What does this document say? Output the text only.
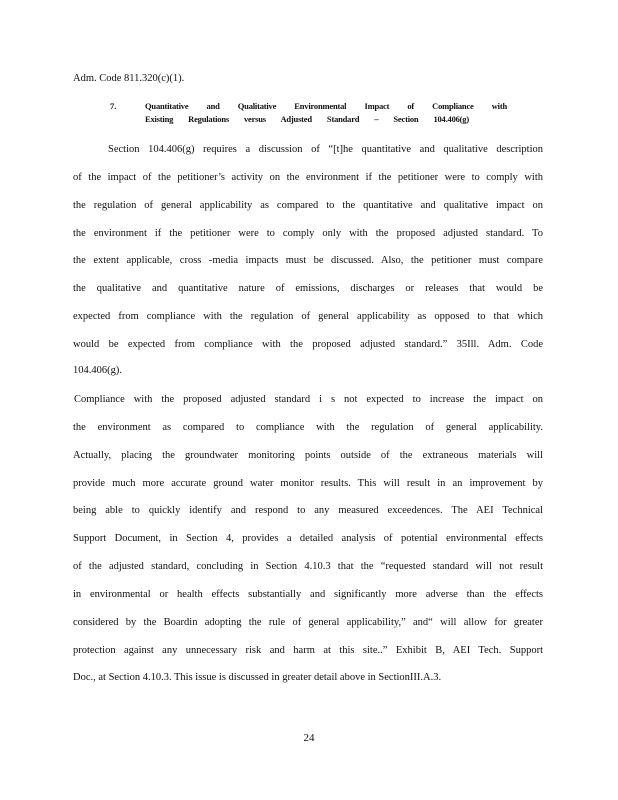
Adm. Code 811.320(c)(1).
7.	Quantitative and Qualitative Environmental Impact of Compliance with
Existing Regulations versus Adjusted Standard – Section 104.406(g)
Section 104.406(g) requires a discussion of “[t]he quantitative and qualitative description
of the impact of the petitioner’s activity on the environment if the petitioner were to comply with
the regulation of general applicability as compared to the quantitative and qualitative impact on
the environment if the petitioner were to comply only with the proposed adjusted standard. To
the extent applicable, cross -media impacts must be discussed. Also, the petitioner must compare
the qualitative and quantitative nature of emissions, discharges or releases that would be
expected from compliance with the regulation of general applicability as opposed to that which
would be expected from compliance with the proposed adjusted standard.” 35Ill. Adm. Code
104.406(g).
Compliance with the proposed adjusted standard i s not expected to increase the impact on
the environment as compared to compliance with the regulation of general applicability.
Actually, placing the groundwater monitoring points outside of the extraneous materials will
provide much more accurate ground water monitor results. This will result in an improvement by
being able to quickly identify and respond to any measured exceedences. The AEI Technical
Support Document, in Section 4, provides a detailed analysis of potential environmental effects
of the adjusted standard, concluding in Section 4.10.3 that the “requested standard will not result
in environmental or health effects substantially and significantly more adverse than the effects
considered by the Boardin adopting the rule of general applicability,” and“ will allow for greater
protection against any unnecessary risk and harm at this site..” Exhibit B, AEI Tech. Support
Doc., at Section 4.10.3. This issue is discussed in greater detail above in SectionIII.A.3.
24
